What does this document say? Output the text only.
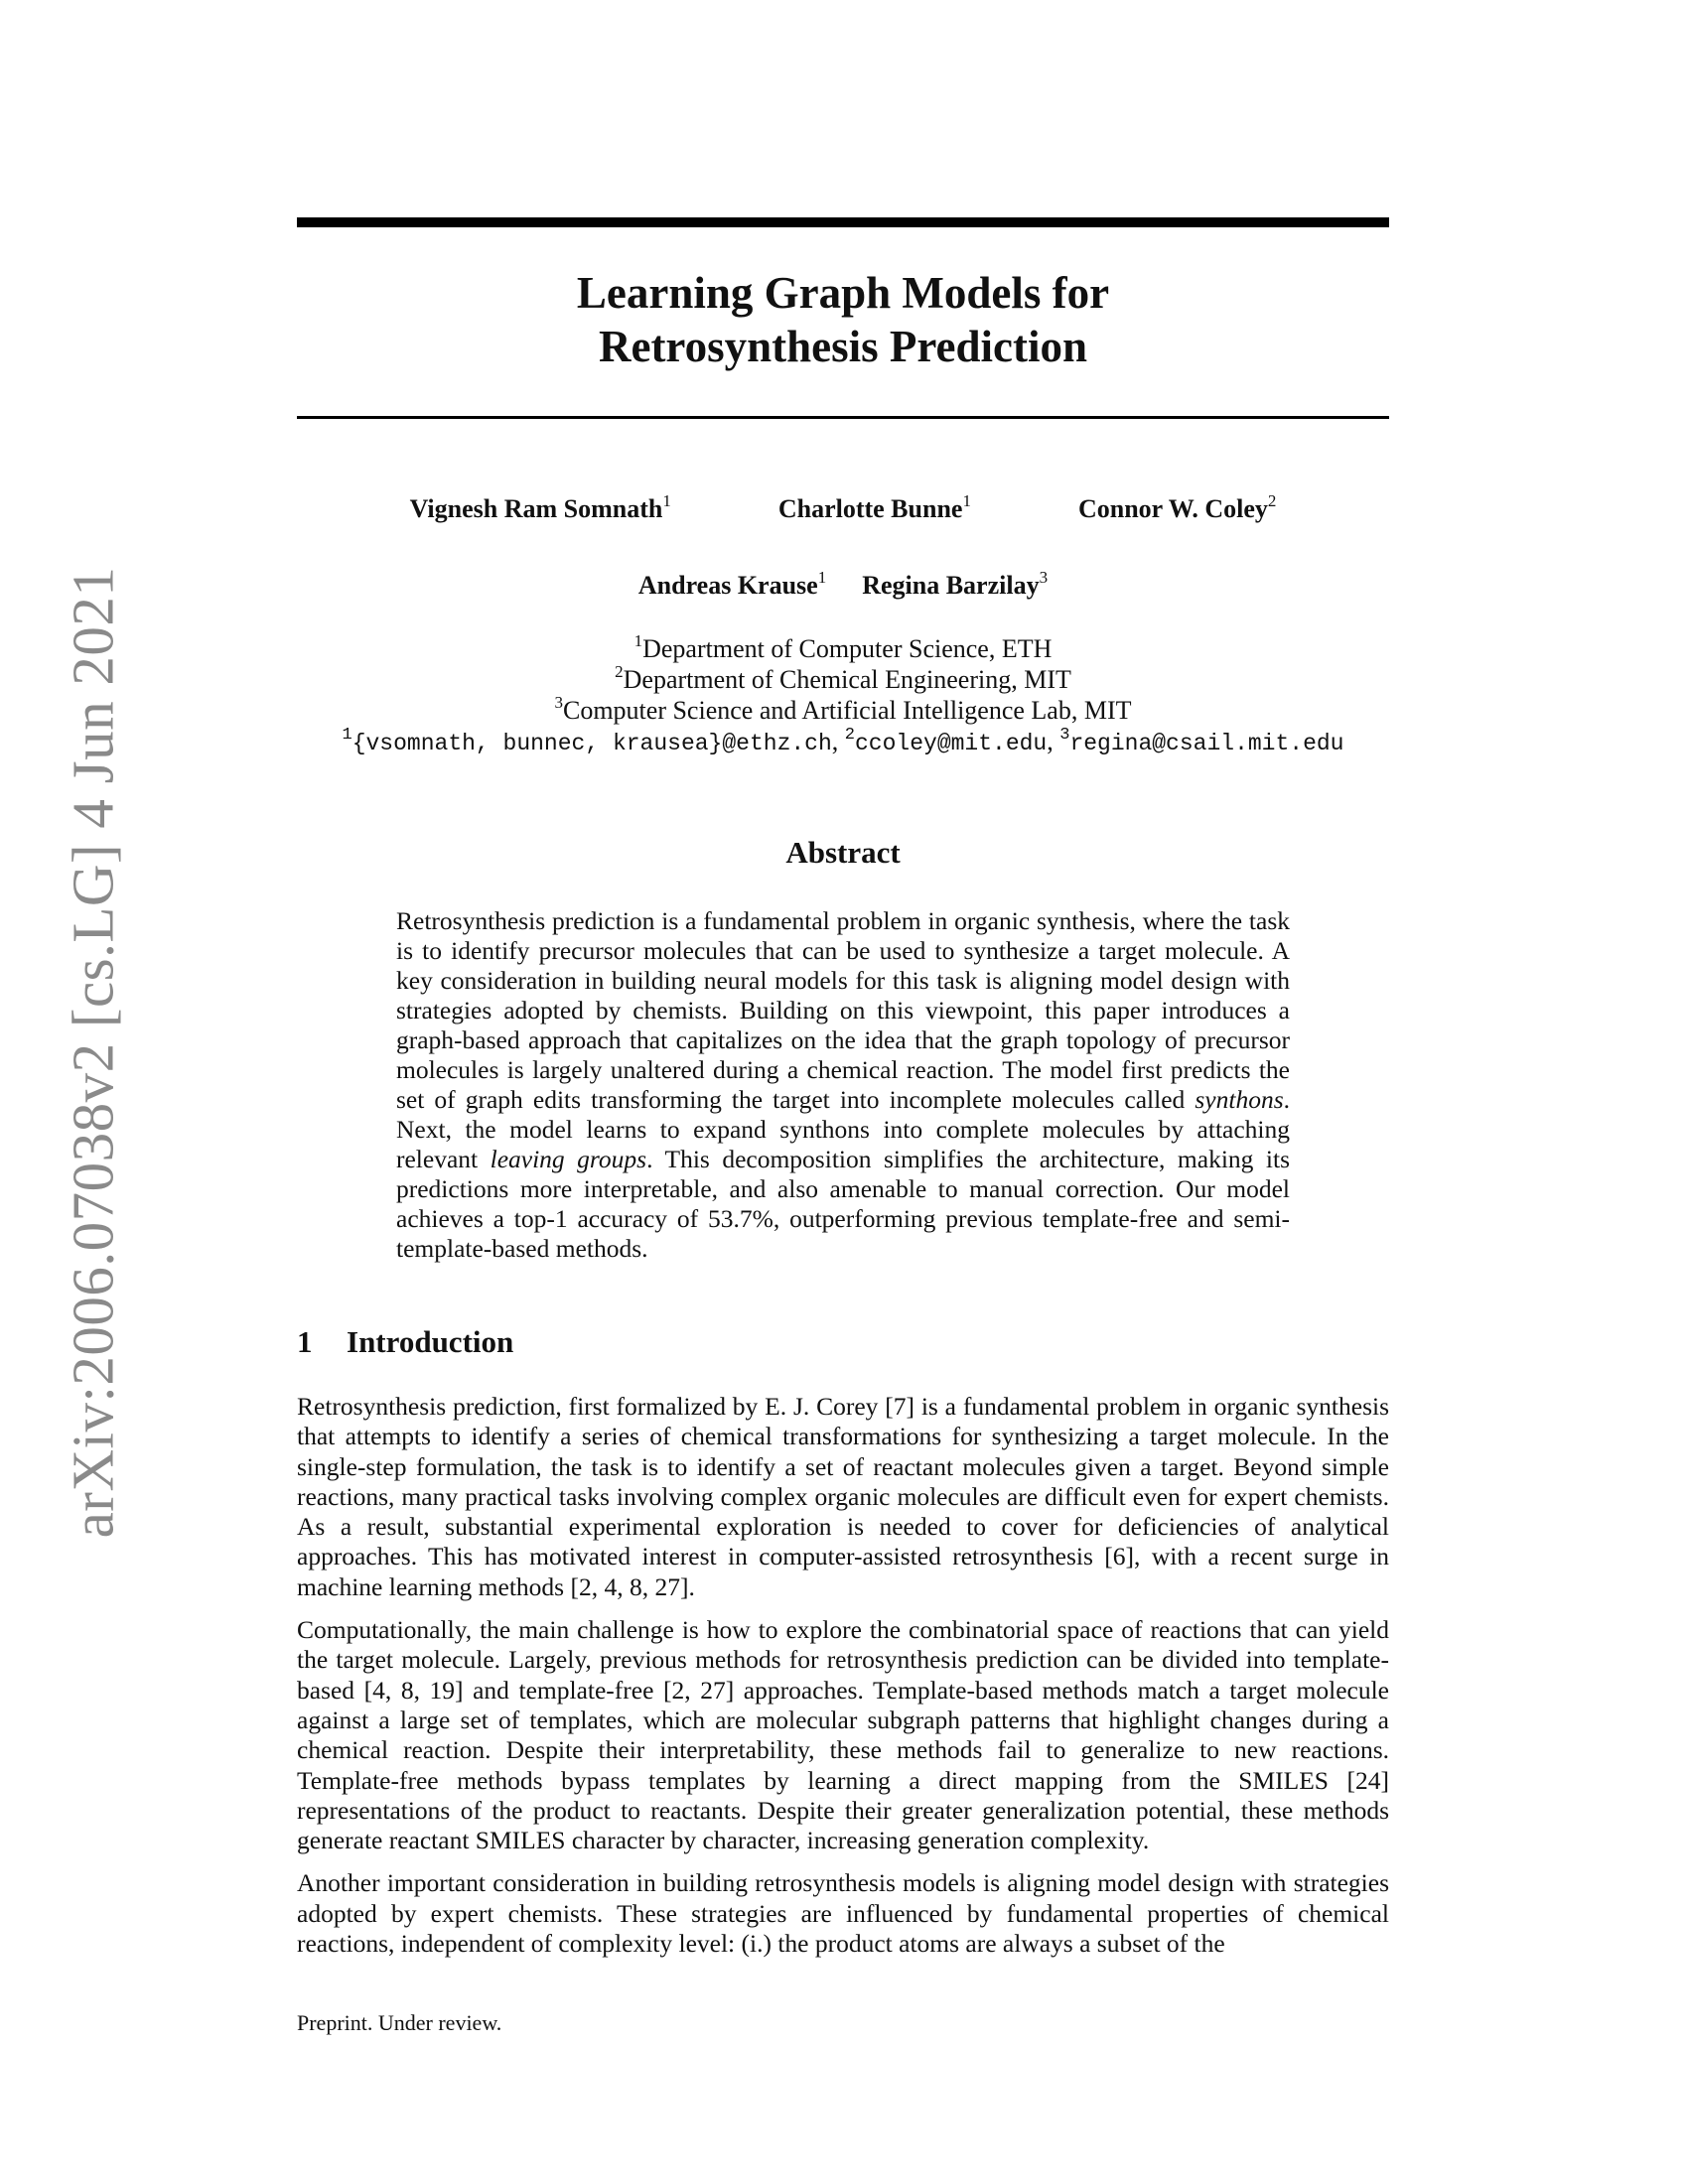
arXiv:2006.07038v2 [cs.LG] 4 Jun 2021
Learning Graph Models for
Retrosynthesis Prediction
Vignesh Ram Somnath$^1$	Charlotte Bunne$^1$	Connor W. Coley$^2$
Andreas Krause$^1$ Regina Barzilay$^3$
$^1$Department of Computer Science, ETH
$^2$Department of Chemical Engineering, MIT
$^3$Computer Science and Artificial Intelligence Lab, MIT
$^1${vsomnath, bunnec, krausea}@ethz.ch, $^2$ccoley@mit.edu, $^3$regina@csail.mit.edu
Abstract
Retrosynthesis prediction is a fundamental problem in organic synthesis, where the task is to identify precursor molecules that can be used to synthesize a target molecule. A key consideration in building neural models for this task is aligning model design with strategies adopted by chemists. Building on this viewpoint, this paper introduces a graph-based approach that capitalizes on the idea that the graph topology of precursor molecules is largely unaltered during a chemical reaction. The model first predicts the set of graph edits transforming the target into incomplete molecules called synthons. Next, the model learns to expand synthons into complete molecules by attaching relevant leaving groups. This decomposition simplifies the architecture, making its predictions more interpretable, and also amenable to manual correction. Our model achieves a top-1 accuracy of 53.7%, outperforming previous template-free and semi-template-based methods.
1 Introduction

Retrosynthesis prediction, first formalized by E. J. Corey [7] is a fundamental problem in organic synthesis that attempts to identify a series of chemical transformations for synthesizing a target molecule. In the single-step formulation, the task is to identify a set of reactant molecules given a target. Beyond simple reactions, many practical tasks involving complex organic molecules are difficult even for expert chemists. As a result, substantial experimental exploration is needed to cover for deficiencies of analytical approaches. This has motivated interest in computer-assisted retrosynthesis [6], with a recent surge in machine learning methods [2, 4, 8, 27].

Computationally, the main challenge is how to explore the combinatorial space of reactions that can yield the target molecule. Largely, previous methods for retrosynthesis prediction can be divided into template-based [4, 8, 19] and template-free [2, 27] approaches. Template-based methods match a target molecule against a large set of templates, which are molecular subgraph patterns that highlight changes during a chemical reaction. Despite their interpretability, these methods fail to generalize to new reactions. Template-free methods bypass templates by learning a direct mapping from the SMILES [24] representations of the product to reactants. Despite their greater generalization potential, these methods generate reactant SMILES character by character, increasing generation complexity.

Another important consideration in building retrosynthesis models is aligning model design with strategies adopted by expert chemists. These strategies are influenced by fundamental properties of chemical reactions, independent of complexity level: (i.) the product atoms are always a subset of the

Preprint. Under review.
